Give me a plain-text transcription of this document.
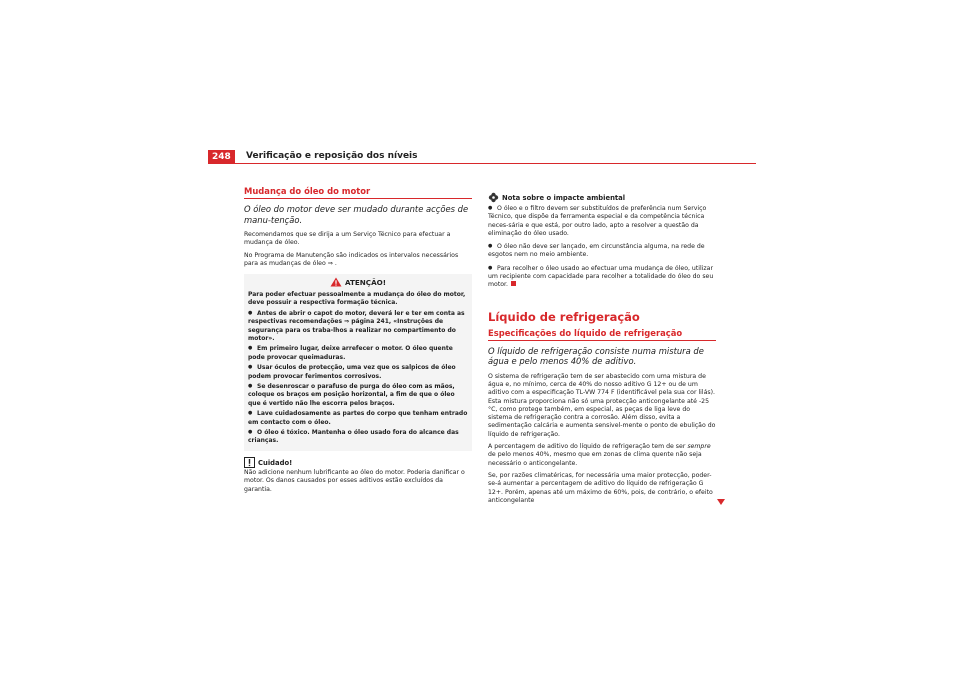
248	Verificação e reposição dos níveis
Mudança do óleo do motor
O óleo do motor deve ser mudado durante acções de manu-tenção.

Recomendamos que se dirija a um Serviço Técnico para efectuar a mudança de óleo.

No Programa de Manutenção são indicados os intervalos necessários para as mudanças de óleo ⇒ .

ATENÇÃO!

Para poder efectuar pessoalmente a mudança do óleo do motor, deve possuir a respectiva formação técnica.

● Antes de abrir o capot do motor, deverá ler e ter em conta as respectivas recomendações ⇒ página 241, «Instruções de segurança para os traba-lhos a realizar no compartimento do motor».

● Em primeiro lugar, deixe arrefecer o motor. O óleo quente pode provocar queimaduras.

● Usar óculos de protecção, uma vez que os salpicos de óleo podem provocar ferimentos corrosivos.

● Se desenroscar o parafuso de purga do óleo com as mãos, coloque os braços em posição horizontal, a fim de que o óleo que é vertido não lhe escorra pelos braços.

● Lave cuidadosamente as partes do corpo que tenham entrado em contacto com o óleo.

● O óleo é tóxico. Mantenha o óleo usado fora do alcance das crianças.

Cuidado!

Não adicione nenhum lubrificante ao óleo do motor. Poderia danificar o motor. Os danos causados por esses aditivos estão excluídos da garantia.

Nota sobre o impacte ambiental

● O óleo e o filtro devem ser substituídos de preferência num Serviço Técnico, que dispõe da ferramenta especial e da competência técnica neces-sária e que está, por outro lado, apto a resolver a questão da eliminação do óleo usado.

● O óleo não deve ser lançado, em circunstância alguma, na rede de esgotos nem no meio ambiente.

● Para recolher o óleo usado ao efectuar uma mudança de óleo, utilizar um recipiente com capacidade para recolher a totalidade do óleo do seu motor.

Líquido de refrigeração
Especificações do líquido de refrigeração
O líquido de refrigeração consiste numa mistura de água e pelo menos 40% de aditivo.

O sistema de refrigeração tem de ser abastecido com uma mistura de água e, no mínimo, cerca de 40% do nosso aditivo G 12+ ou de um aditivo com a especificação TL-VW 774 F (identificável pela sua cor lilás). Esta mistura proporciona não só uma protecção anticongelante até -25 °C, como protege também, em especial, as peças de liga leve do sistema de refrigeração contra a corrosão. Além disso, evita a sedimentação calcária e aumenta sensivel-mente o ponto de ebulição do líquido de refrigeração.

A percentagem de aditivo do líquido de refrigeração tem de ser sempre de pelo menos 40%, mesmo que em zonas de clima quente não seja necessário o anticongelante.

Se, por razões climatéricas, for necessária uma maior protecção, poder-se-á aumentar a percentagem de aditivo do líquido de refrigeração G 12+. Porém, apenas até um máximo de 60%, pois, de contrário, o efeito anticongelante
